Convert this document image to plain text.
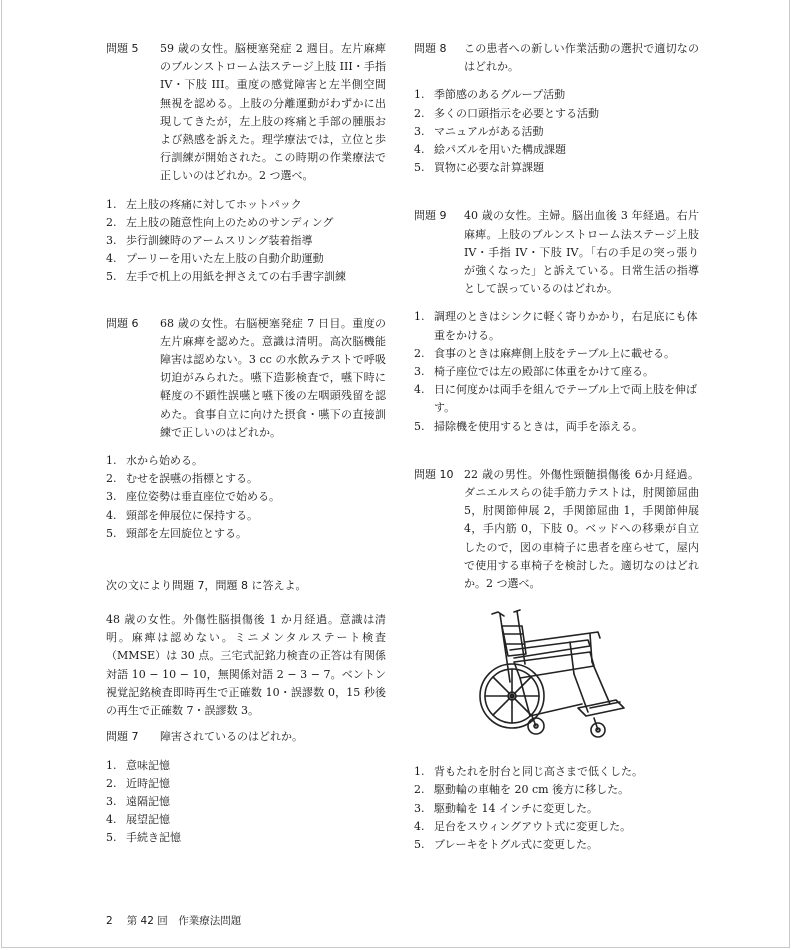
問題 5	59 歳の女性。脳梗塞発症 2 週目。左片麻痺のブルンストローム法ステージ上肢 III・手指 IV・下肢 III。重度の感覚障害と左半側空間無視を認める。上肢の分離運動がわずかに出現してきたが，左上肢の疼痛と手部の腫脹および熱感を訴えた。理学療法では，立位と歩行訓練が開始された。この時期の作業療法で正しいのはどれか。2 つ選べ。
1. 左上肢の疼痛に対してホットパック
2. 左上肢の随意性向上のためのサンディング
3. 歩行訓練時のアームスリング装着指導
4. プーリーを用いた左上肢の自動介助運動
5. 左手で机上の用紙を押さえての右手書字訓練
問題 6	68 歳の女性。右脳梗塞発症 7 日目。重度の左片麻痺を認めた。意識は清明。高次脳機能障害は認めない。3 cc の水飲みテストで呼吸切迫がみられた。嚥下造影検査で，嚥下時に軽度の不顕性誤嚥と嚥下後の左咽頭残留を認めた。食事自立に向けた摂食・嚥下の直接訓練で正しいのはどれか。
1. 水から始める。
2. むせを誤嚥の指標とする。
3. 座位姿勢は垂直座位で始める。
4. 頸部を伸展位に保持する。
5. 頸部を左回旋位とする。

次の文により問題 7，問題 8 に答えよ。

48 歳の女性。外傷性脳損傷後 1 か月経過。意識は清明。麻痺は認めない。ミニメンタルステート検査（MMSE）は 30 点。三宅式記銘力検査の正答は有関係対語 10 − 10 − 10，無関係対語 2 − 3 − 7。ベントン視覚記銘検査即時再生で正確数 10・誤謬数 0，15 秒後の再生で正確数 7・誤謬数 3。

問題 7	障害されているのはどれか。
1. 意味記憶
2. 近時記憶
3. 遠隔記憶
4. 展望記憶
5. 手続き記憶
問題 8	この患者への新しい作業活動の選択で適切なのはどれか。
1. 季節感のあるグループ活動
2. 多くの口頭指示を必要とする活動
3. マニュアルがある活動
4. 絵パズルを用いた構成課題
5. 買物に必要な計算課題
問題 9	40 歳の女性。主婦。脳出血後 3 年経過。右片麻痺。上肢のブルンストローム法ステージ上肢 IV・手指 IV・下肢 IV。「右の手足の突っ張りが強くなった」と訴えている。日常生活の指導として誤っているのはどれか。
1. 調理のときはシンクに軽く寄りかかり，右足底にも体重をかける。
2. 食事のときは麻痺側上肢をテーブル上に載せる。
3. 椅子座位では左の殿部に体重をかけて座る。
4. 日に何度かは両手を組んでテーブル上で両上肢を伸ばす。
5. 掃除機を使用するときは，両手を添える。
問題 10 22 歳の男性。外傷性頸髄損傷後 6か月経過。ダニエルスらの徒手筋力テストは，肘関節屈曲 5，肘関節伸展 2，手関節屈曲 1，手関節伸展 4，手内筋 0，下肢 0。ベッドへの移乗が自立したので，図の車椅子に患者を座らせて，屋内で使用する車椅子を検討した。適切なのはどれか。2 つ選べ。
1. 背もたれを肘台と同じ高さまで低くした。
2. 駆動輪の車軸を 20 cm 後方に移した。
3. 駆動輪を 14 インチに変更した。
4. 足台をスウィングアウト式に変更した。
5. ブレーキをトグル式に変更した。
2 第 42 回　作業療法問題
